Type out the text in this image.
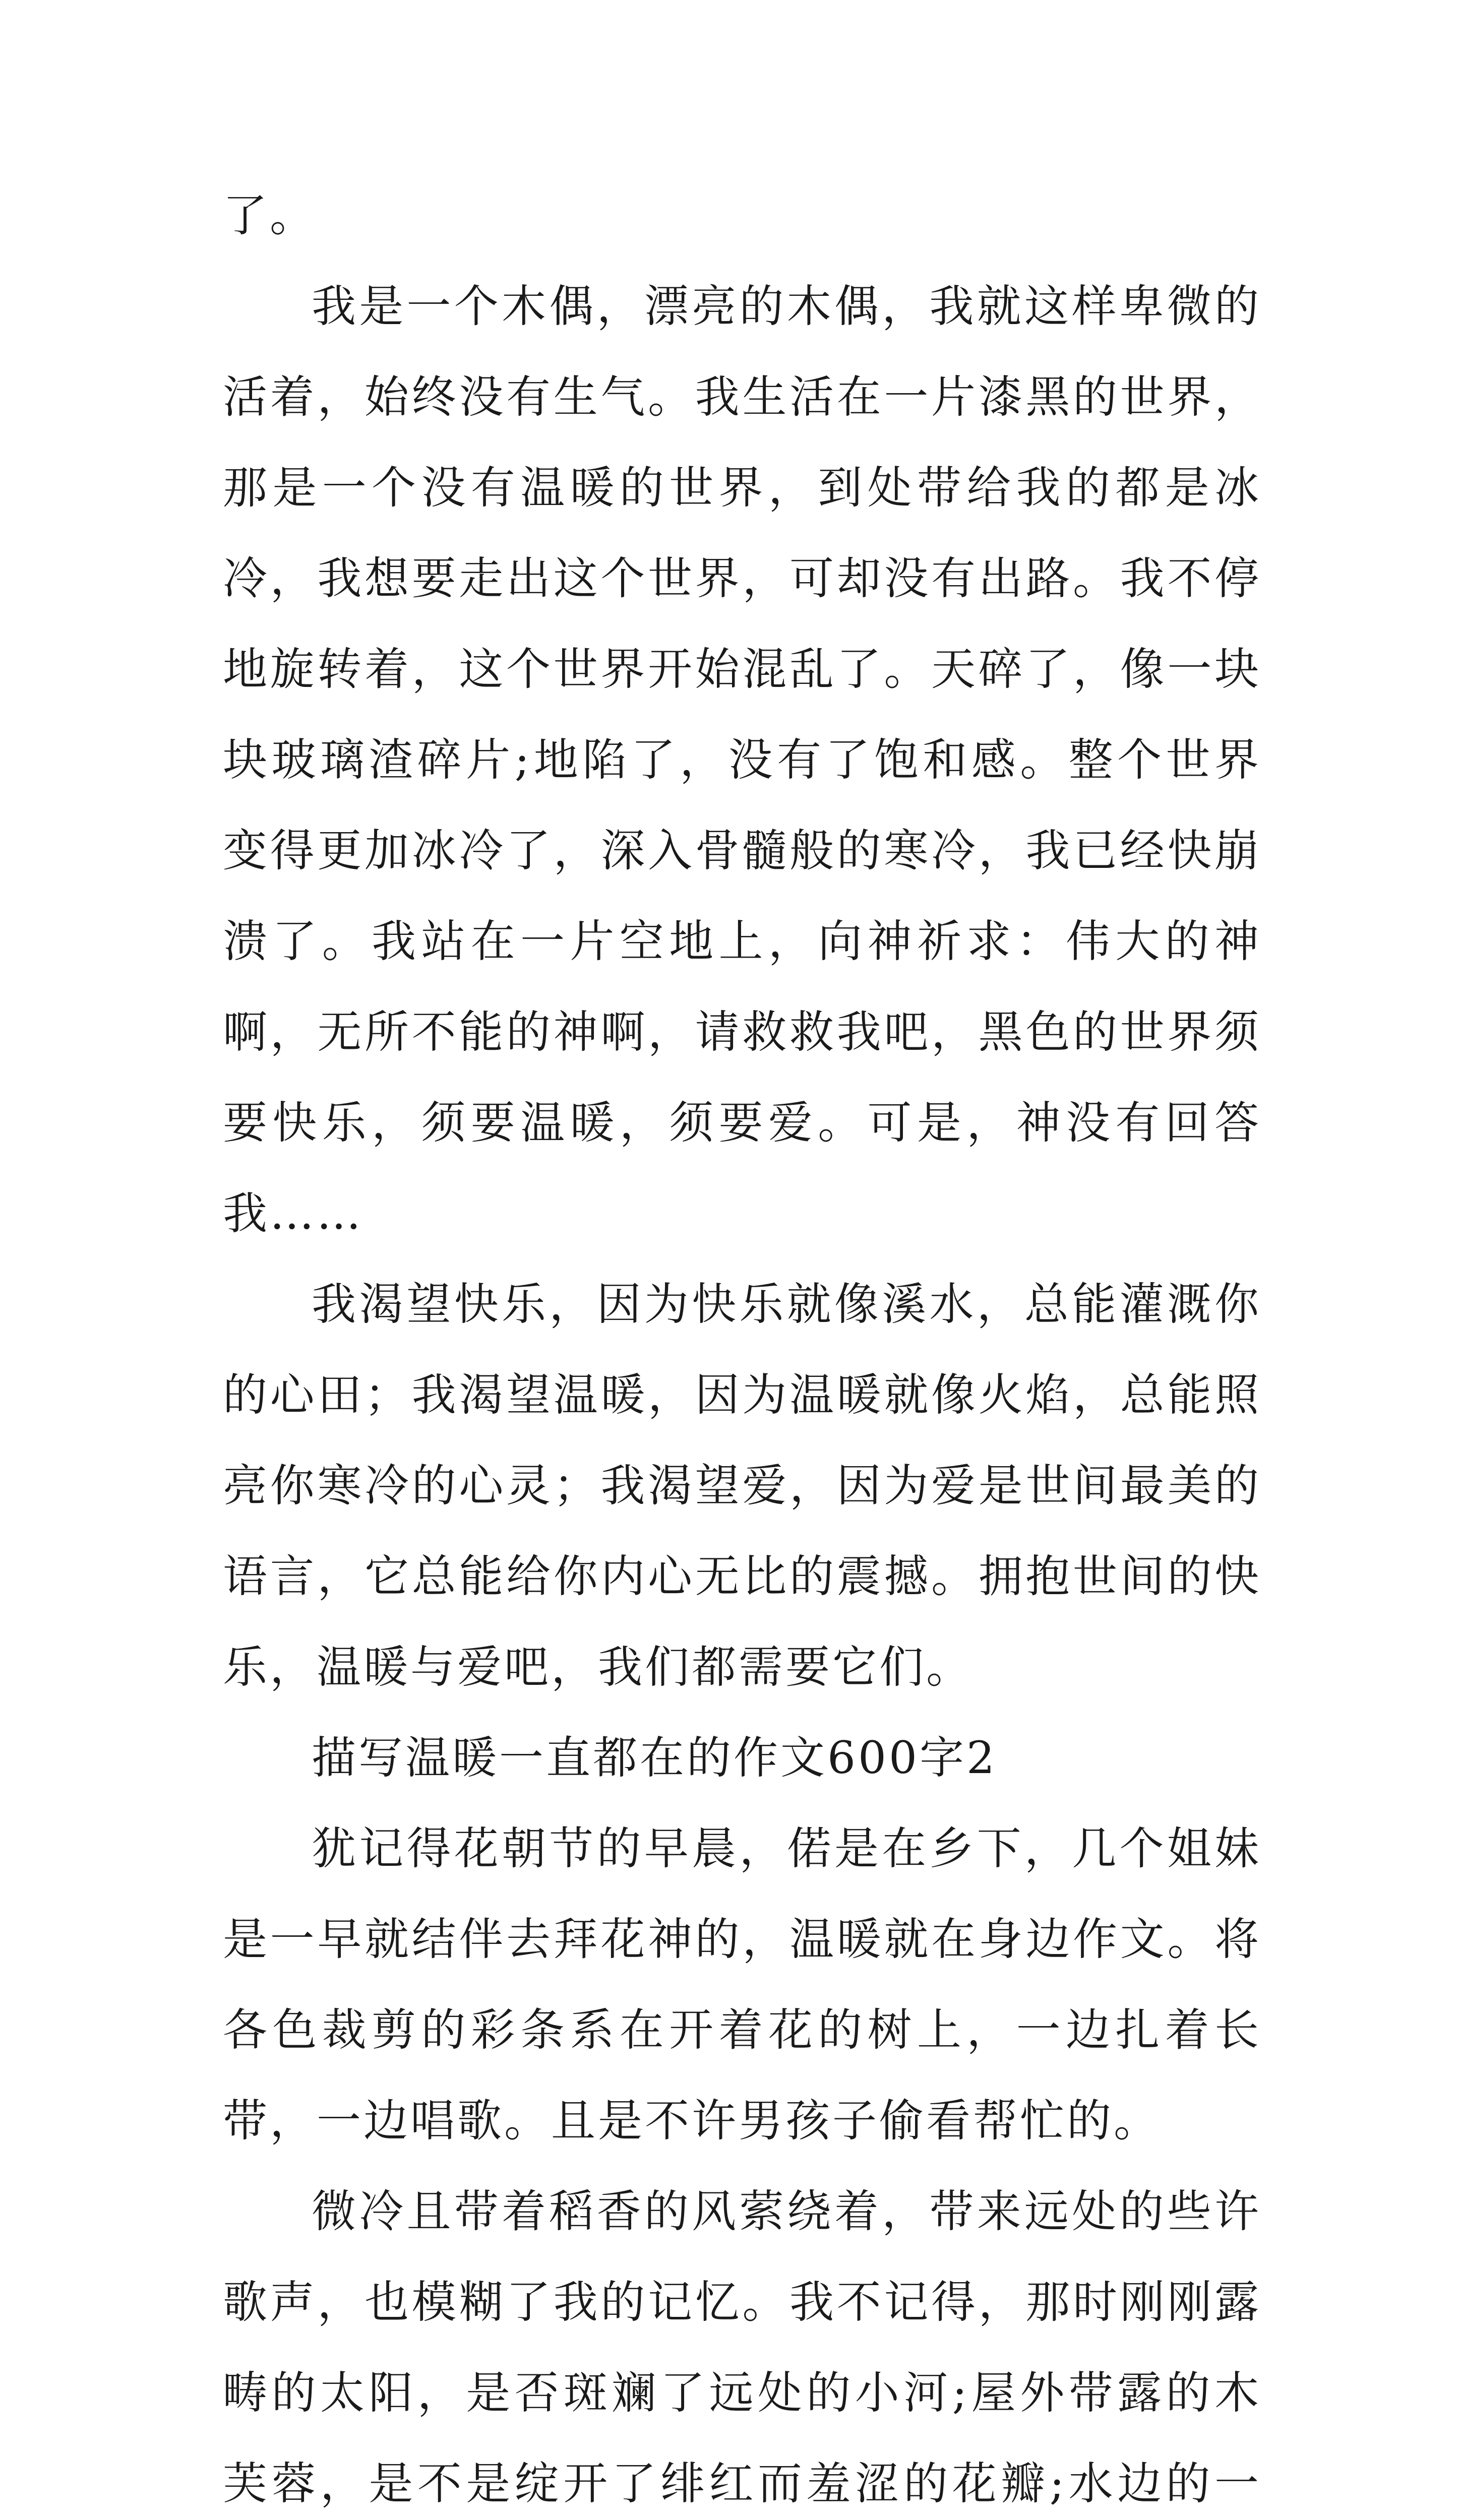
了。

我是一个木偶，漂亮的木偶，我就这样卑微的活着，始终没有生气。我生活在一片漆黑的世界，那是一个没有温暖的世界，到处带给我的都是冰冷，我想要走出这个世界，可却没有出路。我不停地旋转着，这个世界开始混乱了。天碎了，像一块块玻璃渣碎片;地陷了，没有了饱和感。整个世界变得更加冰冷了，深入骨髓般的寒冷，我已经快崩溃了。我站在一片空地上，向神祈求：伟大的神啊，无所不能的神啊，请救救我吧，黑色的世界须要快乐，须要温暖，须要爱。可是，神没有回答我……

我渴望快乐，因为快乐就像溪水，总能灌溉你的心田；我渴望温暖，因为温暖就像火焰，总能照亮你寒冷的心灵；我渴望爱，因为爱是世间最美的语言，它总能给你内心无比的震撼。拥抱世间的快乐，温暖与爱吧，我们都需要它们。

描写温暖一直都在的作文600字2

犹记得花朝节的早晨，偌是在乡下，几个姐妹是一早就结伴去拜花神的，温暖就在身边作文。将各色裁剪的彩条系在开着花的树上，一边扎着长带，一边唱歌。且是不许男孩子偷看帮忙的。

微冷且带着稻香的风萦绕着，带来远处的些许歌声，也模糊了我的记忆。我不记得，那时刚刚露畴的太阳，是否斑斓了远处的小河;屋外带露的木芙蓉，是不是绽开了绯红而羞涩的花瓣;水边的一
